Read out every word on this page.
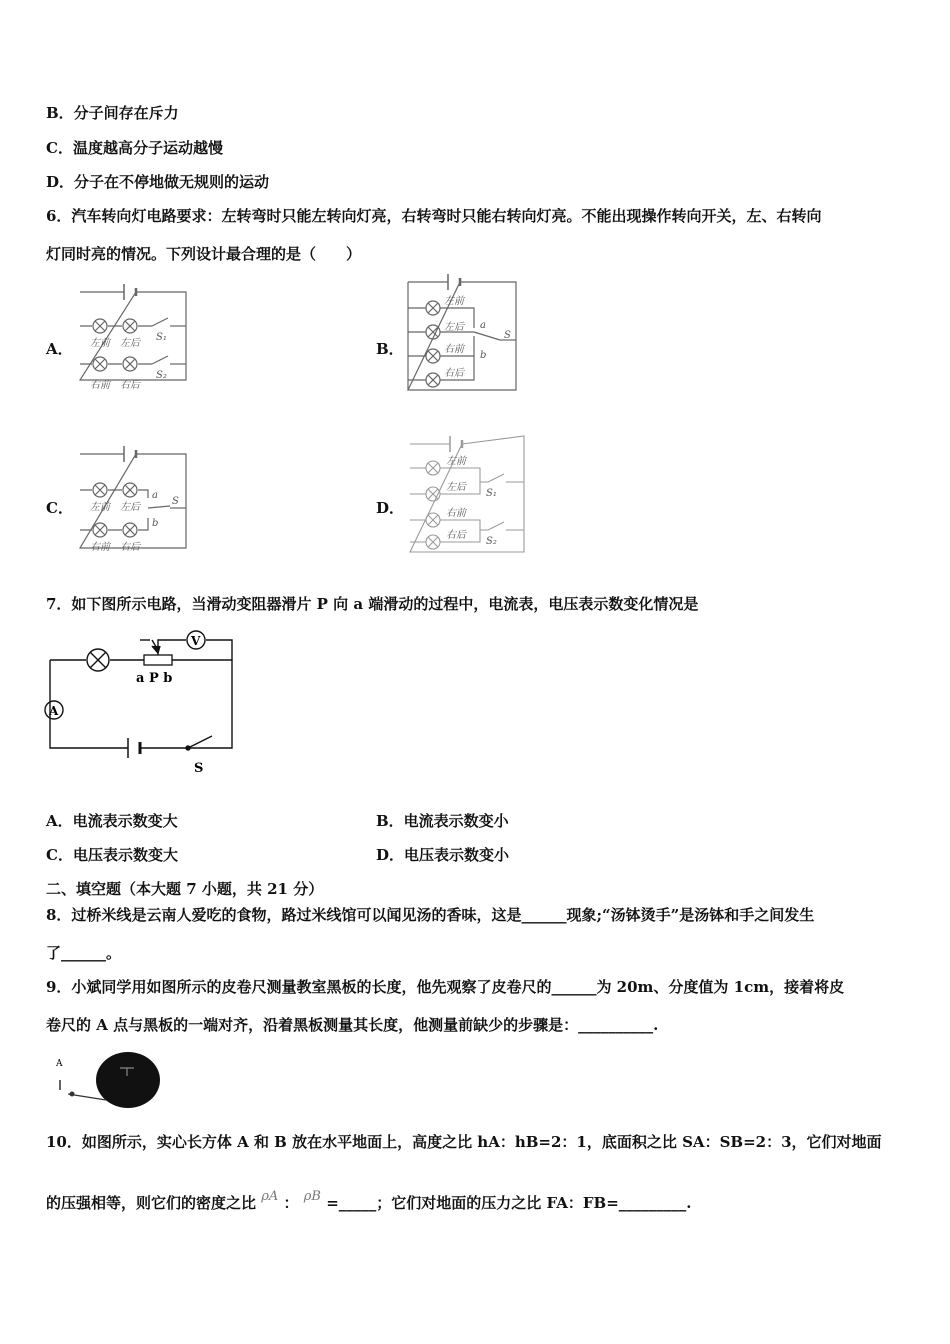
B．分子间存在斥力
C．温度越高分子运动越慢
D．分子在不停地做无规则的运动
6．汽车转向灯电路要求：左转弯时只能左转向灯亮，右转弯时只能右转向灯亮。不能出现操作转向开关，左、右转向
灯同时亮的情况。下列设计最合理的是（　　）
A．	B．
C．	D．
左前 左后
右前 右后
S₁
S₂
左前
左后
右前
右后
a
b
S
左前 左后
右前 右后
a
b
S
左前
左后
右前
右后
S₁
S₂
7．如下图所示电路，当滑动变阻器滑片 P 向 a 端滑动的过程中，电流表，电压表示数变化情况是
V
A
a P b
S
A．电流表示数变大	B．电流表示数变小
C．电压表示数变大	D．电压表示数变小
二、填空题（本大题 7 小题，共 21 分）
8．过桥米线是云南人爱吃的食物，路过米线馆可以闻见汤的香味，这是______现象;“汤钵烫手”是汤钵和手之间发生
了______。
9．小斌同学用如图所示的皮卷尺测量教室黑板的长度，他先观察了皮卷尺的______为 20m、分度值为 1cm，接着将皮
卷尺的 A 点与黑板的一端对齐，沿着黑板测量其长度，他测量前缺少的步骤是：__________.
A
10．如图所示，实心长方体 A 和 B 放在水平地面上，高度之比 hA：hB=2：1，底面积之比 SA：SB=2：3，它们对地面
的压强相等，则它们的密度之比 ρA ： ρB =_____；它们对地面的压力之比 FA：FB=_________.
